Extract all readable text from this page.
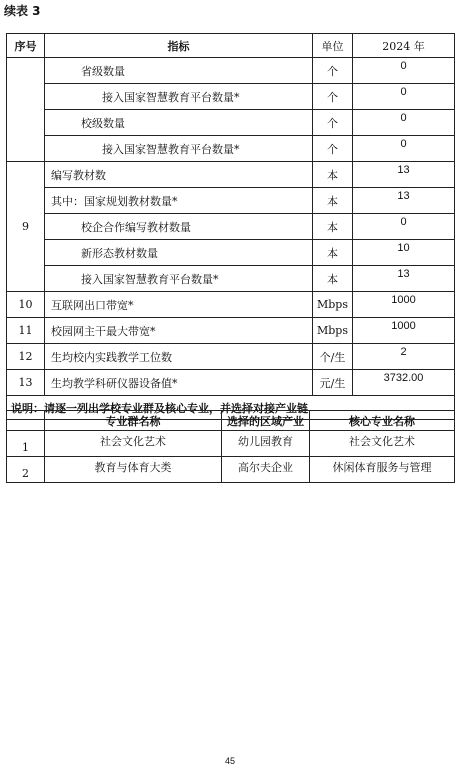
续表 3
序号	指标	单位	2024 年
	省级数量	个	0
	接入国家智慧教育平台数量*	个	0
	校级数量	个	0
	接入国家智慧教育平台数量*	个	0
9	编写教材数	本	13
	其中：国家规划教材数量*	本	13
	校企合作编写教材数量	本	0
	新形态教材数量	本	10
	接入国家智慧教育平台数量*	本	13
10	互联网出口带宽*	Mbps	1000
11	校园网主干最大带宽*	Mbps	1000
12	生均校内实践教学工位数	个/生	2
13	生均教学科研仪器设备值*	元/生	3732.00
说明：请逐一列出学校专业群及核心专业，并选择对接产业链			
	专业群名称	选择的区域产业	核心专业名称
1	社会文化艺术	幼儿园教育	社会文化艺术
2	教育与体育大类	高尔夫企业	休闲体育服务与管理
45
